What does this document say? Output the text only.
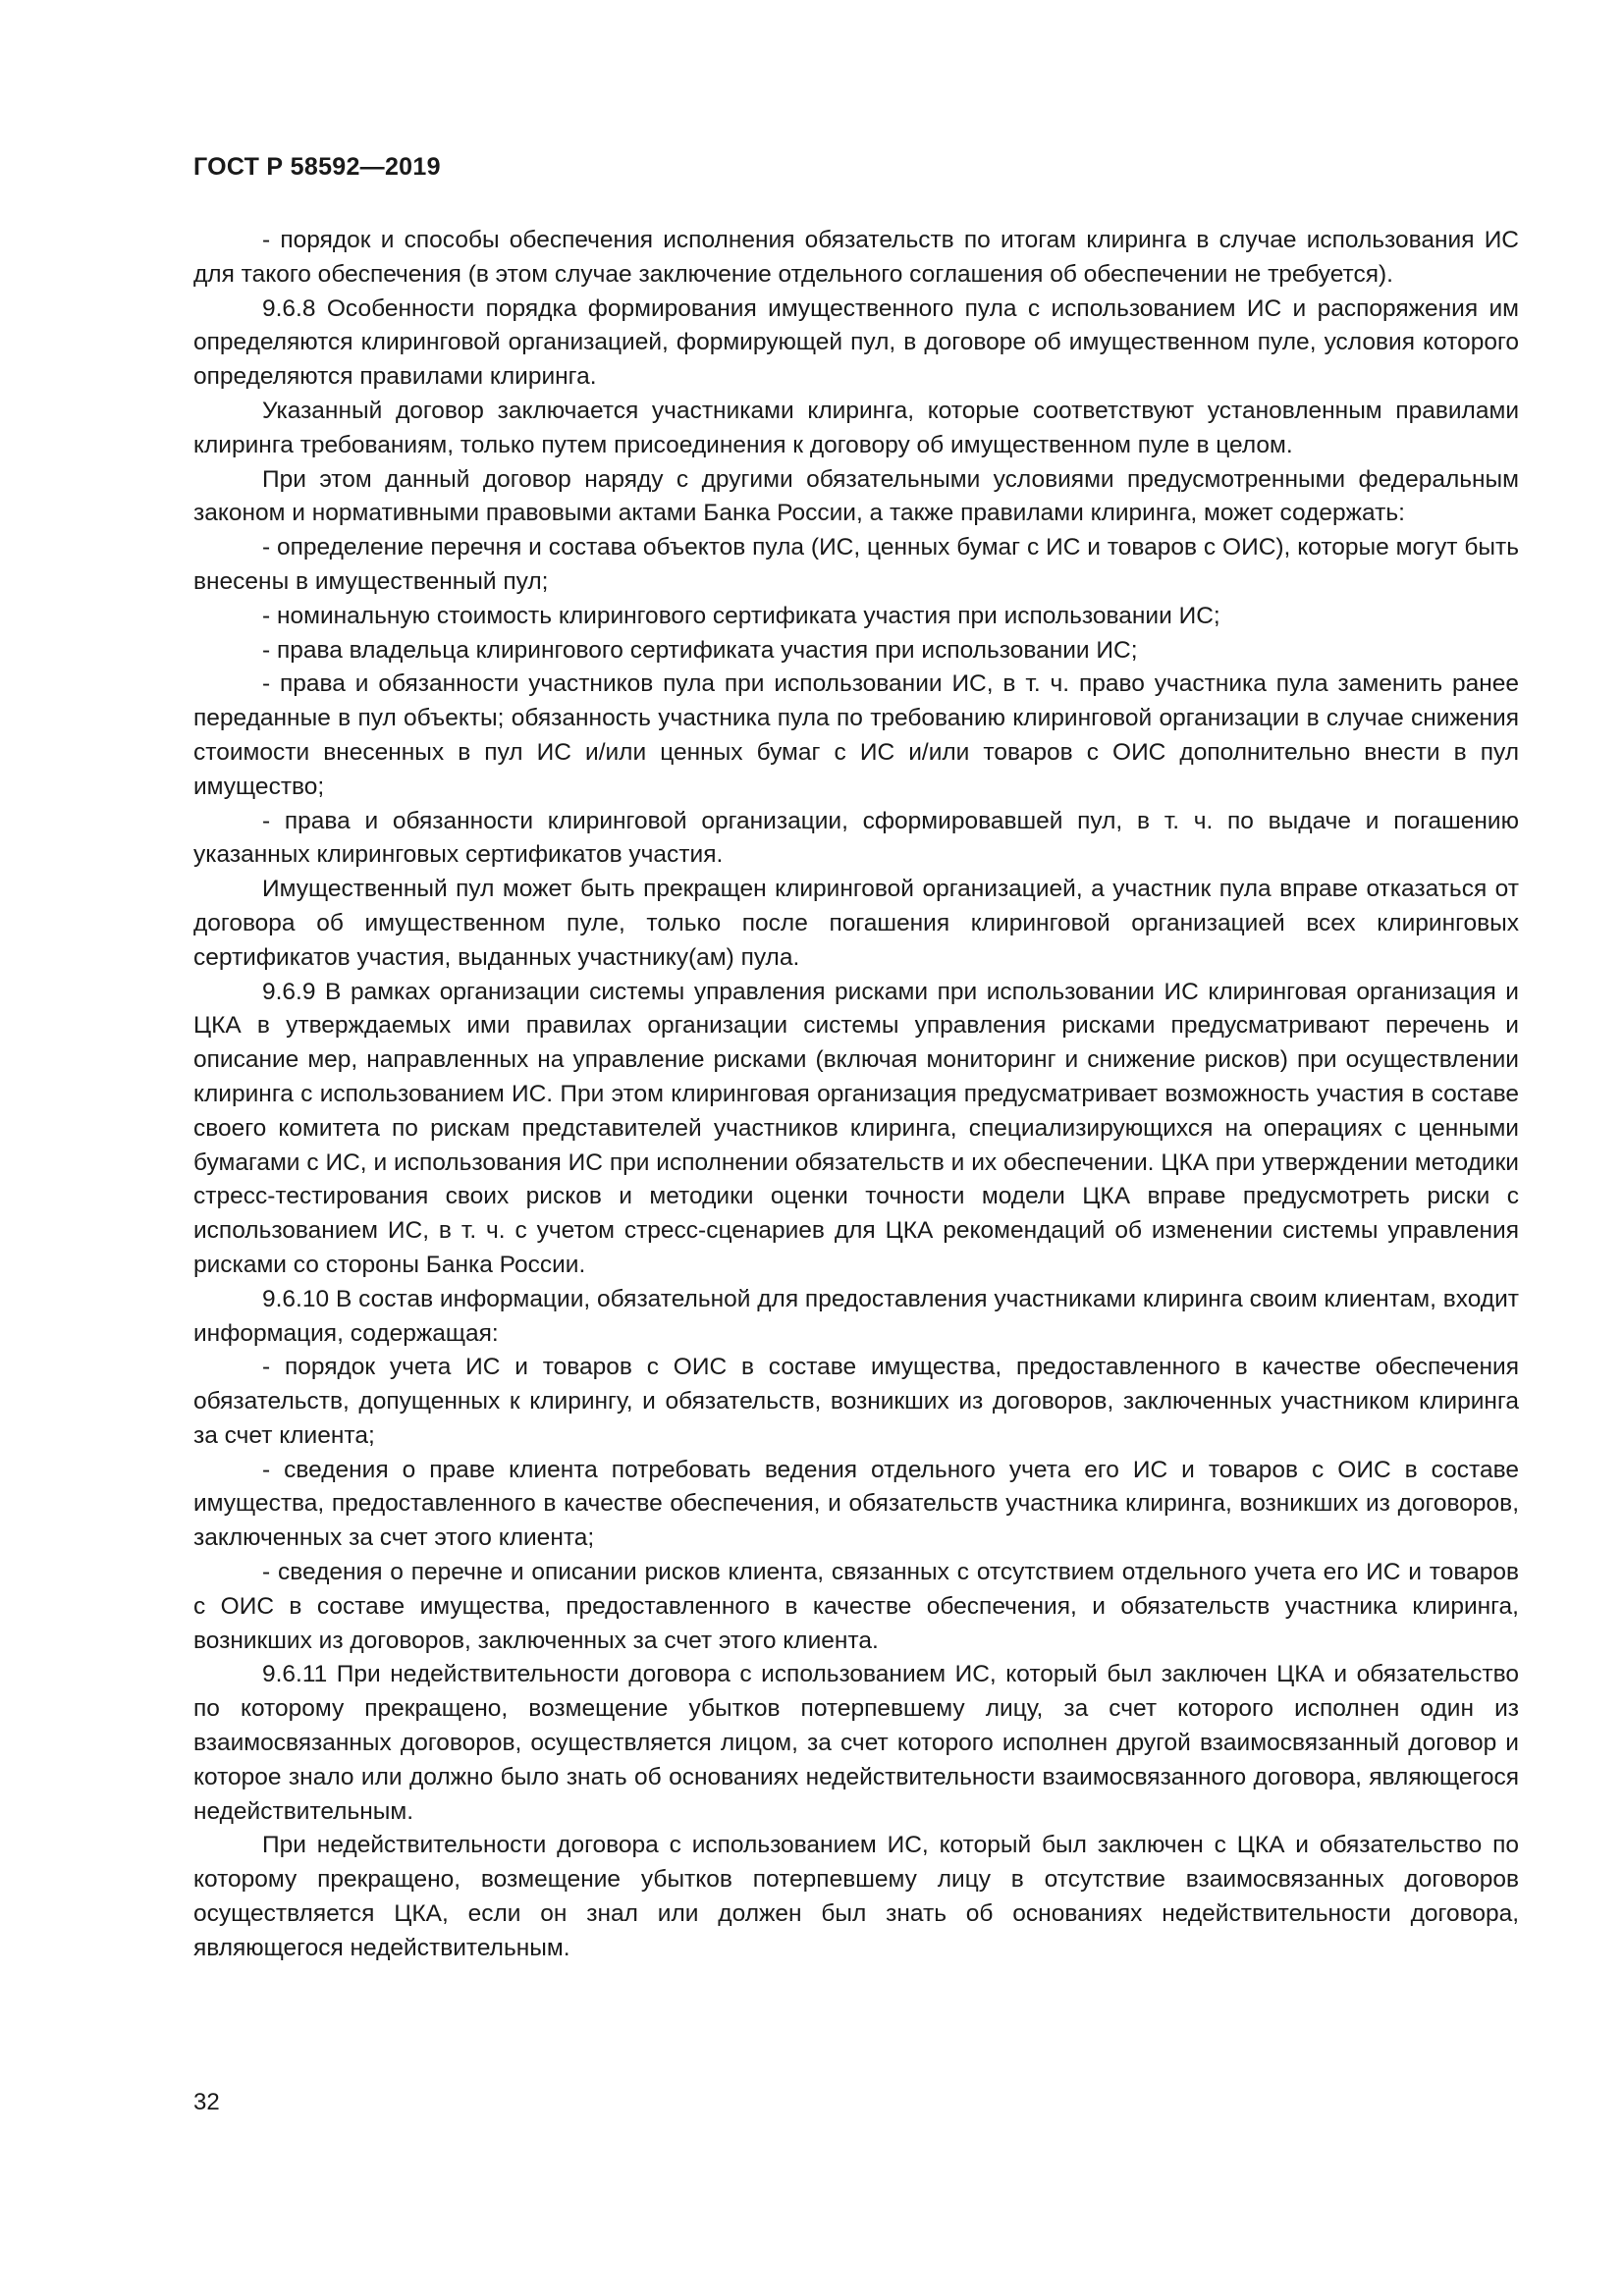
ГОСТ Р 58592—2019

- порядок и способы обеспечения исполнения обязательств по итогам клиринга в случае использования ИС для такого обеспечения (в этом случае заключение отдельного соглашения об обеспечении не требуется).

9.6.8 Особенности порядка формирования имущественного пула с использованием ИС и распоряжения им определяются клиринговой организацией, формирующей пул, в договоре об имущественном пуле, условия которого определяются правилами клиринга.

Указанный договор заключается участниками клиринга, которые соответствуют установленным правилами клиринга требованиям, только путем присоединения к договору об имущественном пуле в целом.

При этом данный договор наряду с другими обязательными условиями предусмотренными федеральным законом и нормативными правовыми актами Банка России, а также правилами клиринга, может содержать:

- определение перечня и состава объектов пула (ИС, ценных бумаг с ИС и товаров с ОИС), которые могут быть внесены в имущественный пул;

- номинальную стоимость клирингового сертификата участия при использовании ИС;

- права владельца клирингового сертификата участия при использовании ИС;

- права и обязанности участников пула при использовании ИС, в т. ч. право участника пула заменить ранее переданные в пул объекты; обязанность участника пула по требованию клиринговой организации в случае снижения стоимости внесенных в пул ИС и/или ценных бумаг с ИС и/или товаров с ОИС дополнительно внести в пул имущество;

- права и обязанности клиринговой организации, сформировавшей пул, в т. ч. по выдаче и погашению указанных клиринговых сертификатов участия.

Имущественный пул может быть прекращен клиринговой организацией, а участник пула вправе отказаться от договора об имущественном пуле, только после погашения клиринговой организацией всех клиринговых сертификатов участия, выданных участнику(ам) пула.

9.6.9 В рамках организации системы управления рисками при использовании ИС клиринговая организация и ЦКА в утверждаемых ими правилах организации системы управления рисками предусматривают перечень и описание мер, направленных на управление рисками (включая мониторинг и снижение рисков) при осуществлении клиринга с использованием ИС. При этом клиринговая организация предусматривает возможность участия в составе своего комитета по рискам представителей участников клиринга, специализирующихся на операциях с ценными бумагами с ИС, и использования ИС при исполнении обязательств и их обеспечении. ЦКА при утверждении методики стресс-тестирования своих рисков и методики оценки точности модели ЦКА вправе предусмотреть риски с использованием ИС, в т. ч. с учетом стресс-сценариев для ЦКА рекомендаций об изменении системы управления рисками со стороны Банка России.

9.6.10 В состав информации, обязательной для предоставления участниками клиринга своим клиентам, входит информация, содержащая:

- порядок учета ИС и товаров с ОИС в составе имущества, предоставленного в качестве обеспечения обязательств, допущенных к клирингу, и обязательств, возникших из договоров, заключенных участником клиринга за счет клиента;

- сведения о праве клиента потребовать ведения отдельного учета его ИС и товаров с ОИС в составе имущества, предоставленного в качестве обеспечения, и обязательств участника клиринга, возникших из договоров, заключенных за счет этого клиента;

- сведения о перечне и описании рисков клиента, связанных с отсутствием отдельного учета его ИС и товаров с ОИС в составе имущества, предоставленного в качестве обеспечения, и обязательств участника клиринга, возникших из договоров, заключенных за счет этого клиента.

9.6.11 При недействительности договора с использованием ИС, который был заключен ЦКА и обязательство по которому прекращено, возмещение убытков потерпевшему лицу, за счет которого исполнен один из взаимосвязанных договоров, осуществляется лицом, за счет которого исполнен другой взаимосвязанный договор и которое знало или должно было знать об основаниях недействительности взаимосвязанного договора, являющегося недействительным.

При недействительности договора с использованием ИС, который был заключен с ЦКА и обязательство по которому прекращено, возмещение убытков потерпевшему лицу в отсутствие взаимосвязанных договоров осуществляется ЦКА, если он знал или должен был знать об основаниях недействительности договора, являющегося недействительным.

32
